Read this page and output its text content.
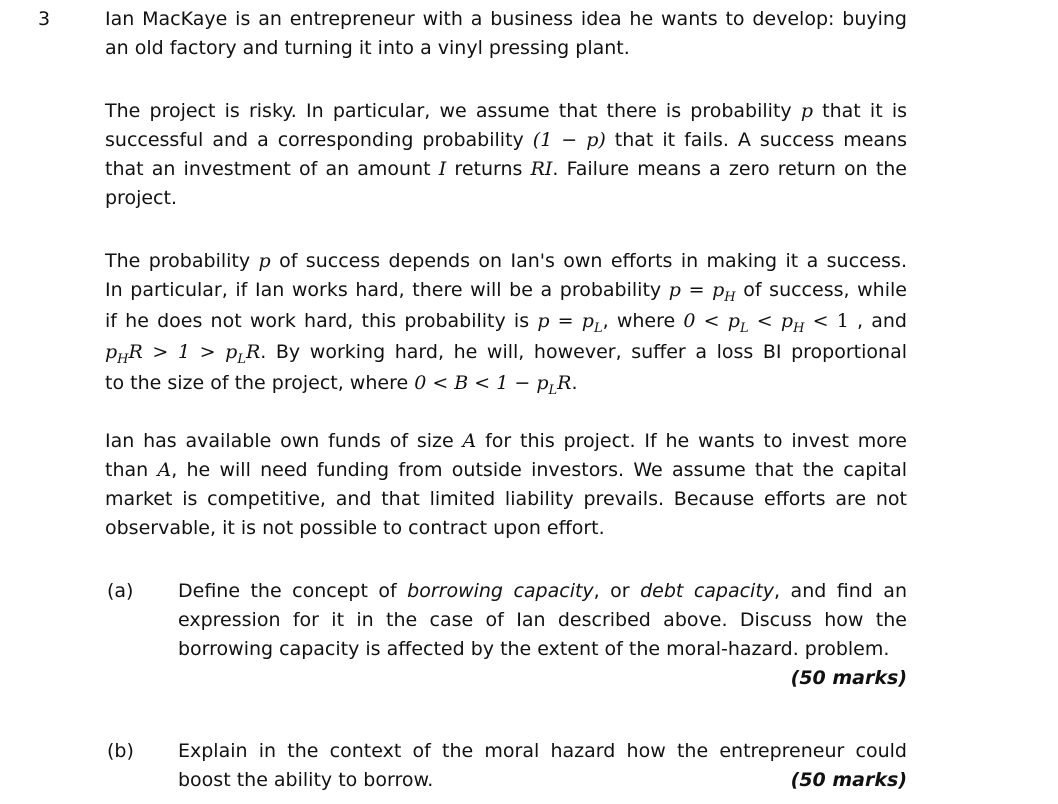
3	Ian MacKaye is an entrepreneur with a business idea he wants to develop: buying
an old factory and turning it into a vinyl pressing plant.
The project is risky. In particular, we assume that there is probability p that it is
successful and a corresponding probability (1 − p) that it fails. A success means
that an investment of an amount I returns RI. Failure means a zero return on the
project.
The probability p of success depends on Ian's own efforts in making it a success.
In particular, if Ian works hard, there will be a probability $p = p_H$ of success, while
if he does not work hard, this probability is $p = p_L$, where $0 < p_L < p_H < 1$ , and
$p_HR > 1 > p_LR$. By working hard, he will, however, suffer a loss BI proportional
to the size of the project, where $0 < B < 1 - p_LR$.
Ian has available own funds of size A for this project. If he wants to invest more
than A, he will need funding from outside investors. We assume that the capital
market is competitive, and that limited liability prevails. Because efforts are not
observable, it is not possible to contract upon effort.
(a) Define the concept of borrowing capacity, or debt capacity, and find an
expression for it in the case of Ian described above. Discuss how the
borrowing capacity is affected by the extent of the moral-hazard. problem.
(50 marks)
(b) Explain in the context of the moral hazard how the entrepreneur could
boost the ability to borrow.	(50 marks)
